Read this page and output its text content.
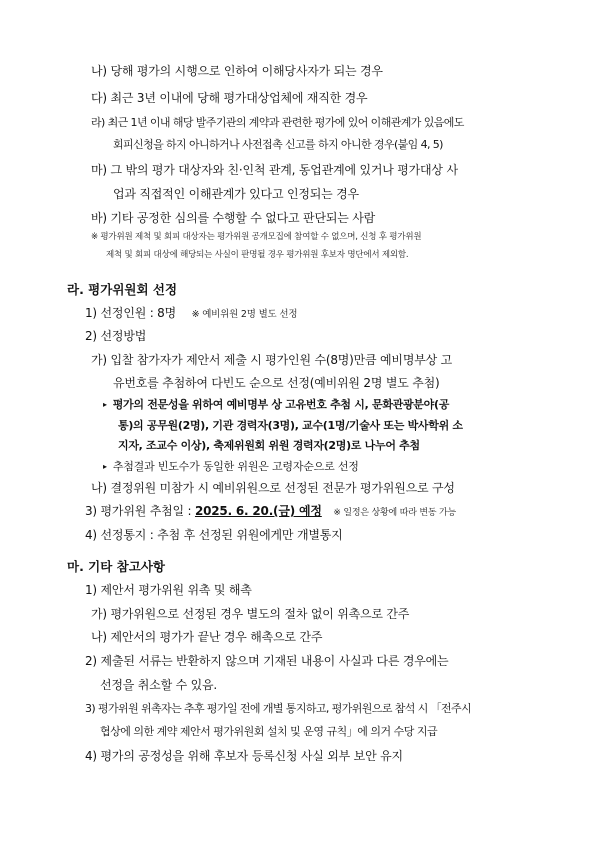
나) 당해 평가의 시행으로 인하여 이해당사자가 되는 경우
다) 최근 3년 이내에 당해 평가대상업체에 재직한 경우
라) 최근 1년 이내 해당 발주기관의 계약과 관련한 평가에 있어 이해관계가 있음에도
회피신청을 하지 아니하거나 사전접촉 신고를 하지 아니한 경우(붙임 4, 5)
마) 그 밖의 평가 대상자와 친·인척 관계, 동업관계에 있거나 평가대상 사
업과 직접적인 이해관계가 있다고 인정되는 경우
바) 기타 공정한 심의를 수행할 수 없다고 판단되는 사람
※ 평가위원 제척 및 회피 대상자는 평가위원 공개모집에 참여할 수 없으며, 신청 후 평가위원
제척 및 회피 대상에 해당되는 사실이 판명될 경우 평가위원 후보자 명단에서 제외함.
라. 평가위원회 선정
1) 선정인원 : 8명 ※ 예비위원 2명 별도 선정
2) 선정방법
가) 입찰 참가자가 제안서 제출 시 평가인원 수(8명)만큼 예비명부상 고
유번호를 추첨하여 다빈도 순으로 선정(예비위원 2명 별도 추첨)
▸ 평가의 전문성을 위하여 예비명부 상 고유번호 추첨 시, 문화관광분야(공
통)의 공무원(2명), 기관 경력자(3명), 교수(1명/기술사 또는 박사학위 소
지자, 조교수 이상), 축제위원회 위원 경력자(2명)로 나누어 추첨
▸ 추첨결과 빈도수가 동일한 위원은 고령자순으로 선정
나) 결정위원 미참가 시 예비위원으로 선정된 전문가 평가위원으로 구성
3) 평가위원 추첨일 : 2025. 6. 20.(금) 예정 ※ 일정은 상황에 따라 변동 가능
4) 선정통지 : 추첨 후 선정된 위원에게만 개별통지
마. 기타 참고사항
1) 제안서 평가위원 위촉 및 해촉
가) 평가위원으로 선정된 경우 별도의 절차 없이 위촉으로 간주
나) 제안서의 평가가 끝난 경우 해촉으로 간주
2) 제출된 서류는 반환하지 않으며 기재된 내용이 사실과 다른 경우에는
선정을 취소할 수 있음.
3) 평가위원 위촉자는 추후 평가일 전에 개별 통지하고, 평가위원으로 참석 시 「전주시
협상에 의한 계약 제안서 평가위원회 설치 및 운영 규칙」에 의거 수당 지급
4) 평가의 공정성을 위해 후보자 등록신청 사실 외부 보안 유지
